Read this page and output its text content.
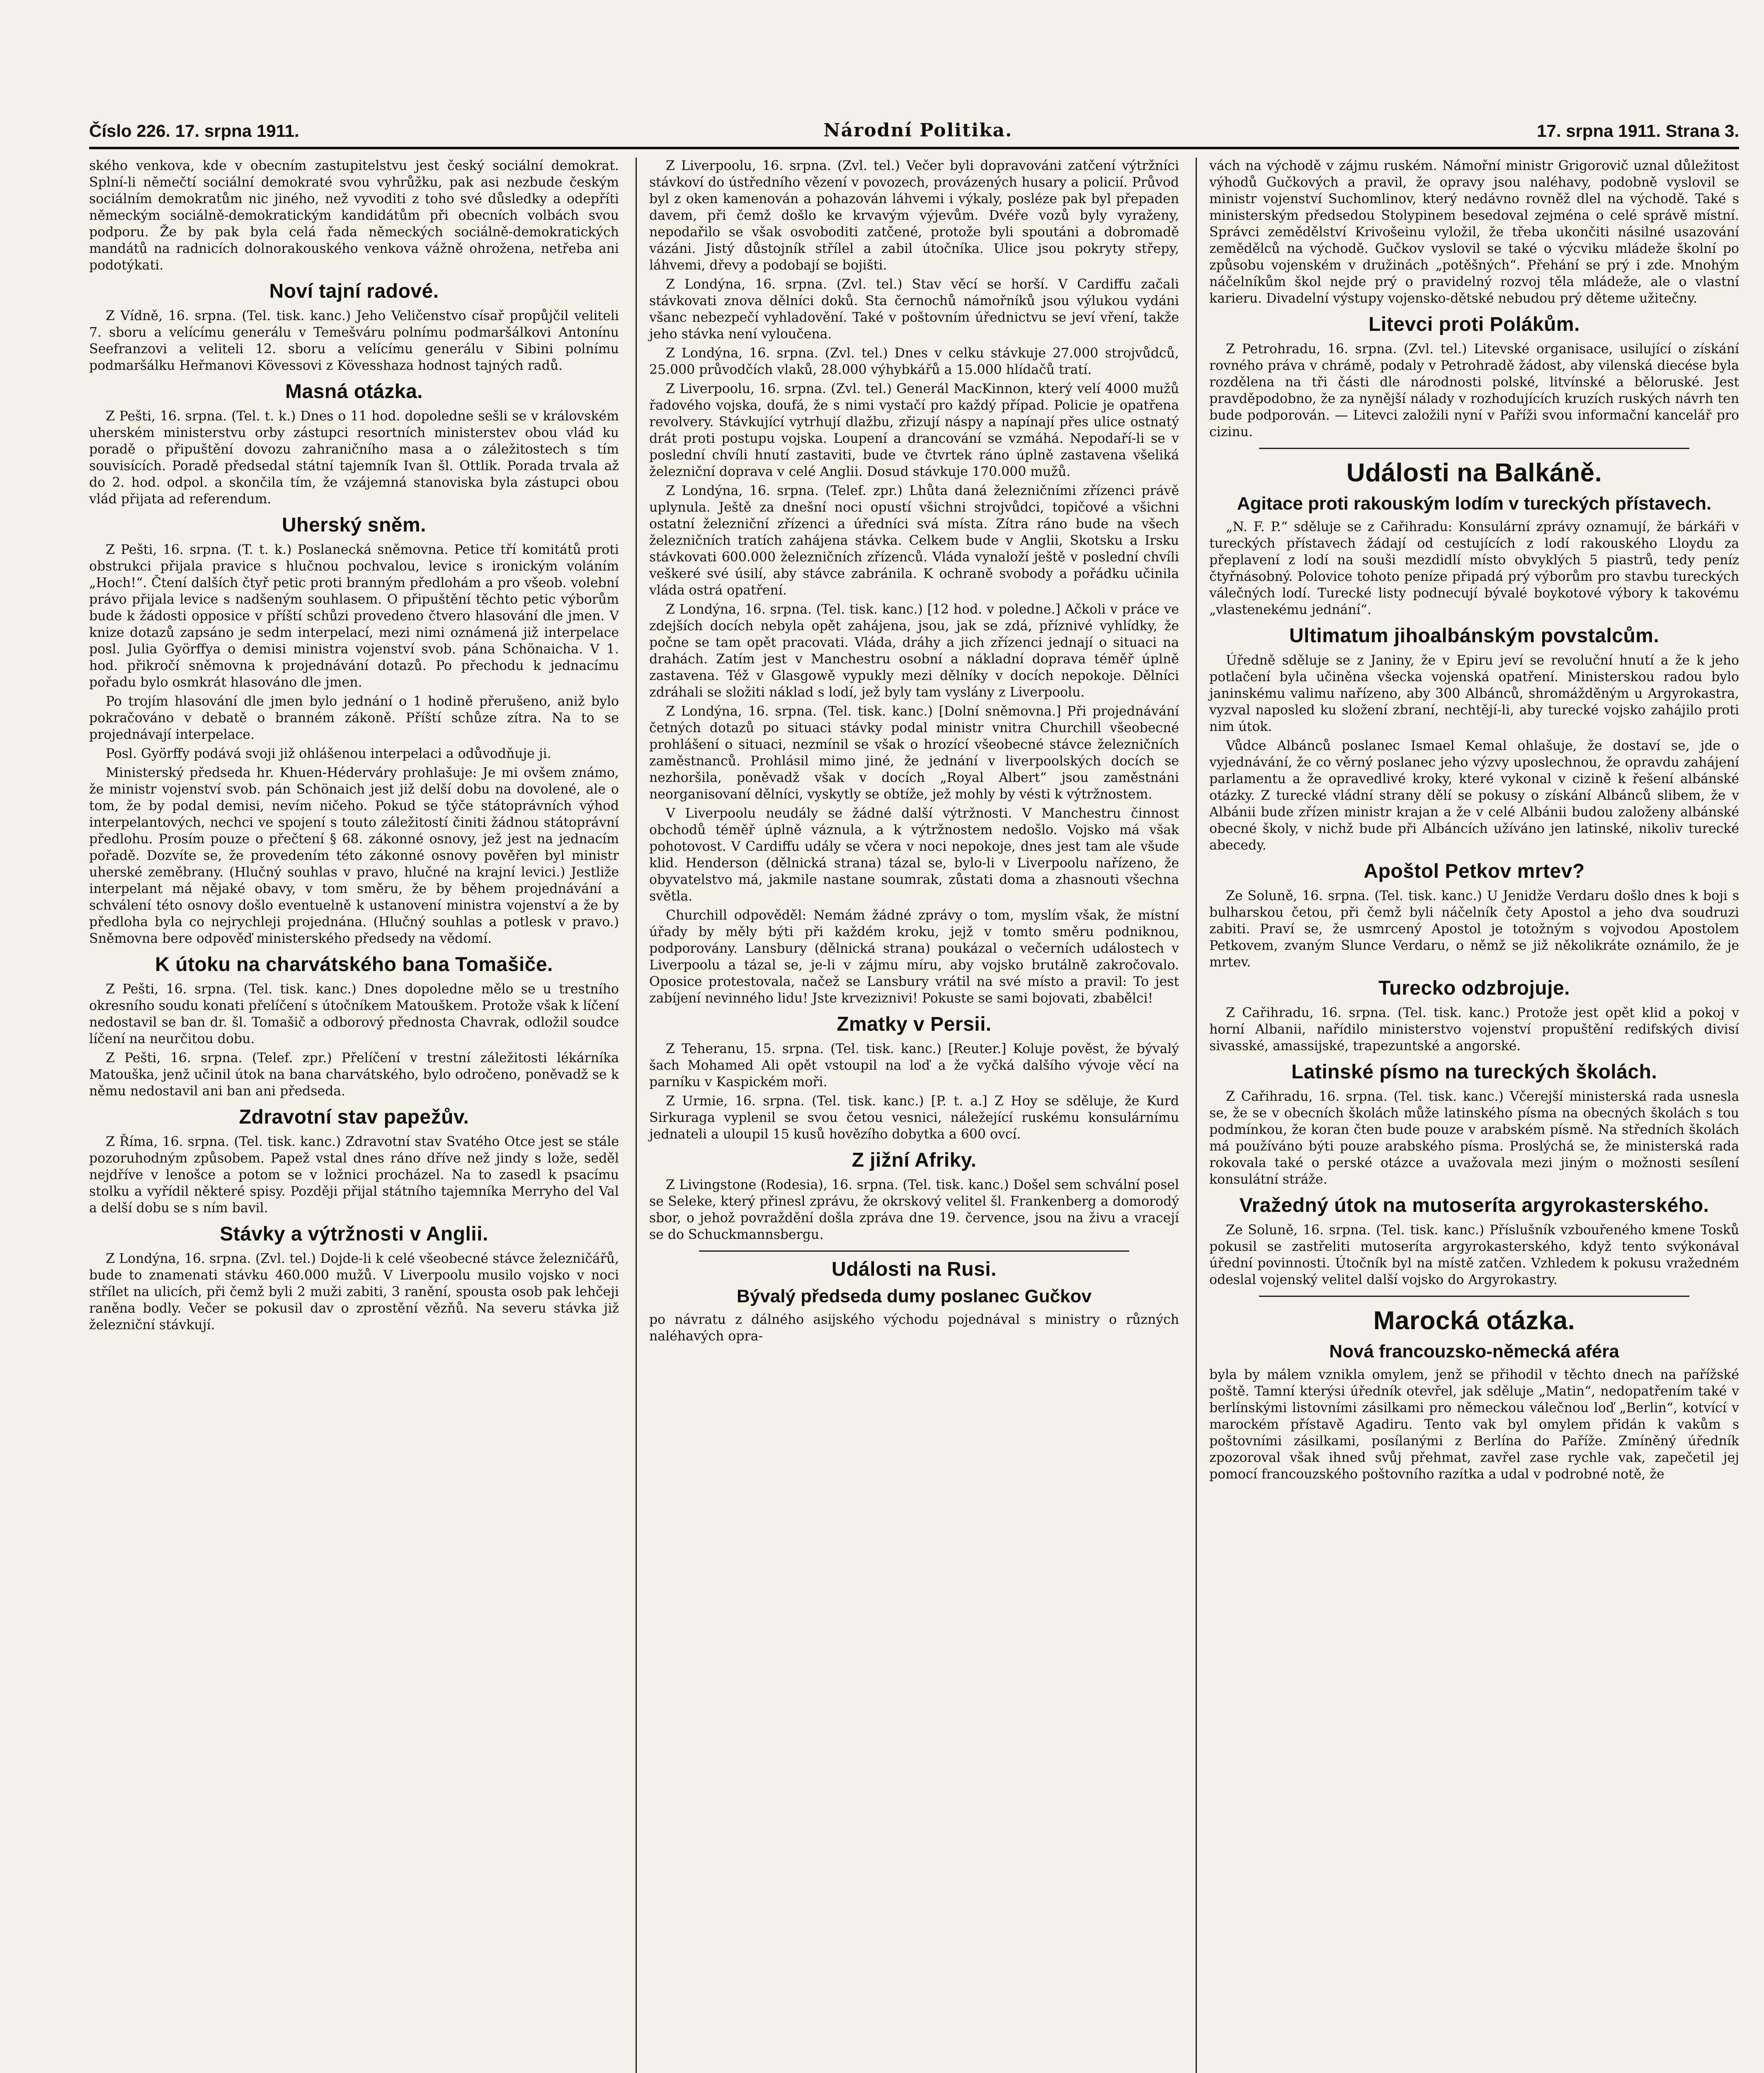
Číslo 226. 17. srpna 1911.	Národní Politika.	17. srpna 1911. Strana 3.

ského venkova, kde v obecním zastupitelstvu jest český sociální demokrat. Splní-li němečtí sociální demokraté svou vyhrůžku, pak asi nezbude českým sociálním demokratům nic jiného, než vyvoditi z toho své důsledky a odepříti německým sociálně-demokratickým kandidátům při obecních volbách svou podporu. Že by pak byla celá řada německých sociálně-demokratických mandátů na radnicích dolnorakouského venkova vážně ohrožena, netřeba ani podotýkati.

Noví tajní radové.

Z Vídně, 16. srpna. (Tel. tisk. kanc.) Jeho Veličenstvo císař propůjčil veliteli 7. sboru a velícímu generálu v Temešváru polnímu podmaršálkovi Antonínu Seefranzovi a veliteli 12. sboru a velícímu generálu v Sibini polnímu podmaršálku Heřmanovi Kövessovi z Kövesshaza hodnost tajných radů.

Masná otázka.

Z Pešti, 16. srpna. (Tel. t. k.) Dnes o 11 hod. dopoledne sešli se v královském uherském ministerstvu orby zástupci resortních ministerstev obou vlád ku poradě o připuštění dovozu zahraničního masa a o záležitostech s tím souvisících. Poradě předsedal státní tajemník Ivan šl. Ottlik. Porada trvala až do 2. hod. odpol. a skončila tím, že vzájemná stanoviska byla zástupci obou vlád přijata ad referendum.

Uherský sněm.

Z Pešti, 16. srpna. (T. t. k.) Poslanecká sněmovna. Petice tří komitátů proti obstrukci přijala pravice s hlučnou pochvalou, levice s ironickým voláním „Hoch!“. Čtení dalších čtyř petic proti branným předlohám a pro všeob. volební právo přijala levice s nadšeným souhlasem. O připuštění těchto petic výborům bude k žádosti opposice v příští schůzi provedeno čtvero hlasování dle jmen. V knize dotazů zapsáno je sedm interpelací, mezi nimi oznámená již interpelace posl. Julia Györffya o demisi ministra vojenství svob. pána Schönaicha. V 1. hod. přikročí sněmovna k projednávání dotazů. Po přechodu k jednacímu pořadu bylo osmkrát hlasováno dle jmen.

Po trojím hlasování dle jmen bylo jednání o 1 hodině přerušeno, aniž bylo pokračováno v debatě o branném zákoně. Příští schůze zítra. Na to se projednávají interpelace.

Posl. Györffy podává svoji již ohlášenou interpelaci a odůvodňuje ji.

Ministerský předseda hr. Khuen-Héderváry prohlašuje: Je mi ovšem známo, že ministr vojenství svob. pán Schönaich jest již delší dobu na dovolené, ale o tom, že by podal demisi, nevím ničeho. Pokud se týče státoprávních výhod interpelantových, nechci ve spojení s touto záležitostí činiti žádnou státoprávní předlohu. Prosím pouze o přečtení § 68. zákonné osnovy, jež jest na jednacím pořadě. Dozvíte se, že provedením této zákonné osnovy pověřen byl ministr uherské zeměbrany. (Hlučný souhlas v pravo, hlučné na krajní levici.) Jestliže interpelant má nějaké obavy, v tom směru, že by během projednávání a schválení této osnovy došlo eventuelně k ustanovení ministra vojenství a že by předloha byla co nejrychleji projednána. (Hlučný souhlas a potlesk v pravo.) Sněmovna bere odpověď ministerského předsedy na vědomí.

K útoku na charvátského bana Tomašiče.

Z Pešti, 16. srpna. (Tel. tisk. kanc.) Dnes dopoledne mělo se u trestního okresního soudu konati přelíčení s útočníkem Matouškem. Protože však k líčení nedostavil se ban dr. šl. Tomašič a odborový přednosta Chavrak, odložil soudce líčení na neurčitou dobu.

Z Pešti, 16. srpna. (Telef. zpr.) Přelíčení v trestní záležitosti lékárníka Matouška, jenž učinil útok na bana charvátského, bylo odročeno, poněvadž se k němu nedostavil ani ban ani předseda.

Zdravotní stav papežův.

Z Říma, 16. srpna. (Tel. tisk. kanc.) Zdravotní stav Svatého Otce jest se stále pozoruhodným způsobem. Papež vstal dnes ráno dříve než jindy s lože, seděl nejdříve v lenošce a potom se v ložnici procházel. Na to zasedl k psacímu stolku a vyřídil některé spisy. Později přijal státního tajemníka Merryho del Val a delší dobu se s ním bavil.

Stávky a výtržnosti v Anglii.

Z Londýna, 16. srpna. (Zvl. tel.) Dojde-li k celé všeobecné stávce železničářů, bude to znamenati stávku 460.000 mužů. V Liverpoolu musilo vojsko v noci střílet na ulicích, při čemž byli 2 muži zabiti, 3 ranění, spousta osob pak lehčeji raněna bodly. Večer se pokusil dav o zprostění vězňů. Na severu stávka již železniční stávkují.

Z Liverpoolu, 16. srpna. (Zvl. tel.) Večer byli dopravováni zatčení výtržníci stávkoví do ústředního vězení v povozech, provázených husary a policií. Průvod byl z oken kamenován a pohazován láhvemi i výkaly, posléze pak byl přepaden davem, při čemž došlo ke krvavým výjevům. Dvéře vozů byly vyraženy, nepodařilo se však osvoboditi zatčené, protože byli spoutáni a dobromadě vázáni. Jistý důstojník střílel a zabil útočníka. Ulice jsou pokryty střepy, láhvemi, dřevy a podobají se bojišti.

Z Londýna, 16. srpna. (Zvl. tel.) Stav věcí se horší. V Cardiffu začali stávkovati znova dělníci doků. Sta černochů námořníků jsou výlukou vydáni všanc nebezpečí vyhladovění. Také v poštovním úřednictvu se jeví vření, takže jeho stávka není vyloučena.

Z Londýna, 16. srpna. (Zvl. tel.) Dnes v celku stávkuje 27.000 strojvůdců, 25.000 průvodčích vlaků, 28.000 výhybkářů a 15.000 hlídačů tratí.

Z Liverpoolu, 16. srpna. (Zvl. tel.) Generál MacKinnon, který velí 4000 mužů řadového vojska, doufá, že s nimi vystačí pro každý případ. Policie je opatřena revolvery. Stávkující vytrhují dlažbu, zřizují náspy a napínají přes ulice ostnatý drát proti postupu vojska. Loupení a drancování se vzmáhá. Nepodaří-li se v poslední chvíli hnutí zastaviti, bude ve čtvrtek ráno úplně zastavena všeliká železniční doprava v celé Anglii. Dosud stávkuje 170.000 mužů.

Z Londýna, 16. srpna. (Telef. zpr.) Lhůta daná železničními zřízenci právě uplynula. Ještě za dnešní noci opustí všichni strojvůdci, topičové a všichni ostatní železniční zřízenci a úředníci svá místa. Zítra ráno bude na všech železničních tratích zahájena stávka. Celkem bude v Anglii, Skotsku a Irsku stávkovati 600.000 železničních zřízenců. Vláda vynaloží ještě v poslední chvíli veškeré své úsilí, aby stávce zabránila. K ochraně svobody a pořádku učinila vláda ostrá opatření.

Z Londýna, 16. srpna. (Tel. tisk. kanc.) [12 hod. v poledne.] Ačkoli v práce ve zdejších docích nebyla opět zahájena, jsou, jak se zdá, příznivé vyhlídky, že počne se tam opět pracovati. Vláda, dráhy a jich zřízenci jednají o situaci na drahách. Zatím jest v Manchestru osobní a nákladní doprava téměř úplně zastavena. Též v Glasgowě vypukly mezi dělníky v docích nepokoje. Dělníci zdráhali se složiti náklad s lodí, jež byly tam vyslány z Liverpoolu.

Z Londýna, 16. srpna. (Tel. tisk. kanc.) [Dolní sněmovna.] Při projednávání četných dotazů po situaci stávky podal ministr vnitra Churchill všeobecné prohlášení o situaci, nezmínil se však o hrozící všeobecné stávce železničních zaměstnanců. Prohlásil mimo jiné, že jednání v liverpoolských docích se nezhoršila, poněvadž však v docích „Royal Albert“ jsou zaměstnáni neorganisovaní dělníci, vyskytly se obtíže, jež mohly by vésti k výtržnostem.

V Liverpoolu neudály se žádné další výtržnosti. V Manchestru činnost obchodů téměř úplně váznula, a k výtržnostem nedošlo. Vojsko má však pohotovost. V Cardiffu udály se včera v noci nepokoje, dnes jest tam ale všude klid. Henderson (dělnická strana) tázal se, bylo-li v Liverpoolu nařízeno, že obyvatelstvo má, jakmile nastane soumrak, zůstati doma a zhasnouti všechna světla.

Churchill odpověděl: Nemám žádné zprávy o tom, myslím však, že místní úřady by měly býti při každém kroku, jejž v tomto směru podniknou, podporovány. Lansbury (dělnická strana) poukázal o večerních událostech v Liverpoolu a tázal se, je-li v zájmu míru, aby vojsko brutálně zakročovalo. Oposice protestovala, načež se Lansbury vrátil na své místo a pravil: To jest zabíjení nevinného lidu! Jste krveziznivi! Pokuste se sami bojovati, zbabělci!

Zmatky v Persii.

Z Teheranu, 15. srpna. (Tel. tisk. kanc.) [Reuter.] Koluje pověst, že bývalý šach Mohamed Ali opět vstoupil na loď a že vyčká dalšího vývoje věcí na parníku v Kaspickém moři.

Z Urmie, 16. srpna. (Tel. tisk. kanc.) [P. t. a.] Z Hoy se sděluje, že Kurd Sirkuraga vyplenil se svou četou vesnici, náležející ruskému konsulárnímu jednateli a uloupil 15 kusů hovězího dobytka a 600 ovcí.

Z jižní Afriky.

Z Livingstone (Rodesia), 16. srpna. (Tel. tisk. kanc.) Došel sem schvální posel se Seleke, který přinesl zprávu, že okrskový velitel šl. Frankenberg a domorodý sbor, o jehož povraždění došla zpráva dne 19. července, jsou na živu a vracejí se do Schuckmannsbergu.

Události na Rusi.
Bývalý předseda dumy poslanec Gučkov

po návratu z dálného asijského východu pojednával s ministry o různých naléhavých opra-

vách na východě v zájmu ruském. Námořní ministr Grigorovič uznal důležitost výhodů Gučkových a pravil, že opravy jsou naléhavy, podobně vyslovil se ministr vojenství Suchomlinov, který nedávno rovněž dlel na východě. Také s ministerským předsedou Stolypinem besedoval zejména o celé správě místní. Správci zemědělství Krivošeinu vyložil, že třeba ukončiti násilné usazování zemědělců na východě. Gučkov vyslovil se také o výcviku mládeže školní po způsobu vojenském v družinách „potěšných“. Přehání se prý i zde. Mnohým náčelníkům škol nejde prý o pravidelný rozvoj těla mládeže, ale o vlastní karieru. Divadelní výstupy vojensko-dětské nebudou prý děteme užitečny.

Litevci proti Polákům.

Z Petrohradu, 16. srpna. (Zvl. tel.) Litevské organisace, usilující o získání rovného práva v chrámě, podaly v Petrohradě žádost, aby vilenská diecése byla rozdělena na tři části dle národnosti polské, litvínské a běloruské. Jest pravděpodobno, že za nynější nálady v rozhodujících kruzích ruských návrh ten bude podporován. — Litevci založili nyní v Paříži svou informační kancelář pro cizinu.

Události na Balkáně.
Agitace proti rakouským lodím v tureckých přístavech.

„N. F. P.“ sděluje se z Cařihradu: Konsulární zprávy oznamují, že bárkáři v tureckých přístavech žádají od cestujících z lodí rakouského Lloydu za přeplavení z lodí na souši mezdidlí místo obvyklých 5 piastrů, tedy peníz čtyřnásobný. Polovice tohoto peníze připadá prý výborům pro stavbu tureckých válečných lodí. Turecké listy podnecují bývalé boykotové výbory k takovému „vlastenekému jednání“.

Ultimatum jihoalbánským povstalcům.

Úředně sděluje se z Janiny, že v Epiru jeví se revoluční hnutí a že k jeho potlačení byla učiněna všecka vojenská opatření. Ministerskou radou bylo janinskému valimu nařízeno, aby 300 Albánců, shromážděným u Argyrokastra, vyzval naposled ku složení zbraní, nechtějí-li, aby turecké vojsko zahájilo proti nim útok.

Vůdce Albánců poslanec Ismael Kemal ohlašuje, že dostaví se, jde o vyjednávání, že co věrný poslanec jeho výzvy uposlechnou, že opravdu zahájení parlamentu a že opravedlivé kroky, které vykonal v cizině k řešení albánské otázky. Z turecké vládní strany dělí se pokusy o získání Albánců slibem, že v Albánii bude zřízen ministr krajan a že v celé Albánii budou založeny albánské obecné školy, v nichž bude při Albáncích užíváno jen latinské, nikoliv turecké abecedy.

Apoštol Petkov mrtev?

Ze Soluně, 16. srpna. (Tel. tisk. kanc.) U Jenidže Verdaru došlo dnes k boji s bulharskou četou, při čemž byli náčelník čety Apostol a jeho dva soudruzi zabiti. Praví se, že usmrcený Apostol je totožným s vojvodou Apostolem Petkovem, zvaným Slunce Verdaru, o němž se již několikráte oznámilo, že je mrtev.

Turecko odzbrojuje.

Z Cařihradu, 16. srpna. (Tel. tisk. kanc.) Protože jest opět klid a pokoj v horní Albanii, nařídilo ministerstvo vojenství propuštění redifských divisí sivasské, amassijské, trapezuntské a angorské.

Latinské písmo na tureckých školách.

Z Cařihradu, 16. srpna. (Tel. tisk. kanc.) Včerejší ministerská rada usnesla se, že se v obecních školách může latinského písma na obecných školách s tou podmínkou, že koran čten bude pouze v arabském písmě. Na středních školách má používáno býti pouze arabského písma. Proslýchá se, že ministerská rada rokovala také o perské otázce a uvažovala mezi jiným o možnosti sesílení konsulátní stráže.

Vražedný útok na mutoseríta argyrokasterského.

Ze Soluně, 16. srpna. (Tel. tisk. kanc.) Příslušník vzbouřeného kmene Tosků pokusil se zastřeliti mutoseríta argyrokasterského, když tento svýkonával úřední povinnosti. Útočník byl na místě zatčen. Vzhledem k pokusu vražedném odeslal vojenský velitel další vojsko do Argyrokastry.

Marocká otázka.
Nová francouzsko-německá aféra

byla by málem vznikla omylem, jenž se přihodil v těchto dnech na pařížské poště. Tamní kterýsi úředník otevřel, jak sděluje „Matin“, nedopatřením také v berlínskými listovními zásilkami pro německou válečnou loď „Berlin“, kotvící v marockém přístavě Agadiru. Tento vak byl omylem přidán k vakům s poštovními zásilkami, posílanými z Berlína do Paříže. Zmíněný úředník zpozoroval však ihned svůj přehmat, zavřel zase rychle vak, zapečetil jej pomocí francouzského poštovního razítka a udal v podrobné notě, že
